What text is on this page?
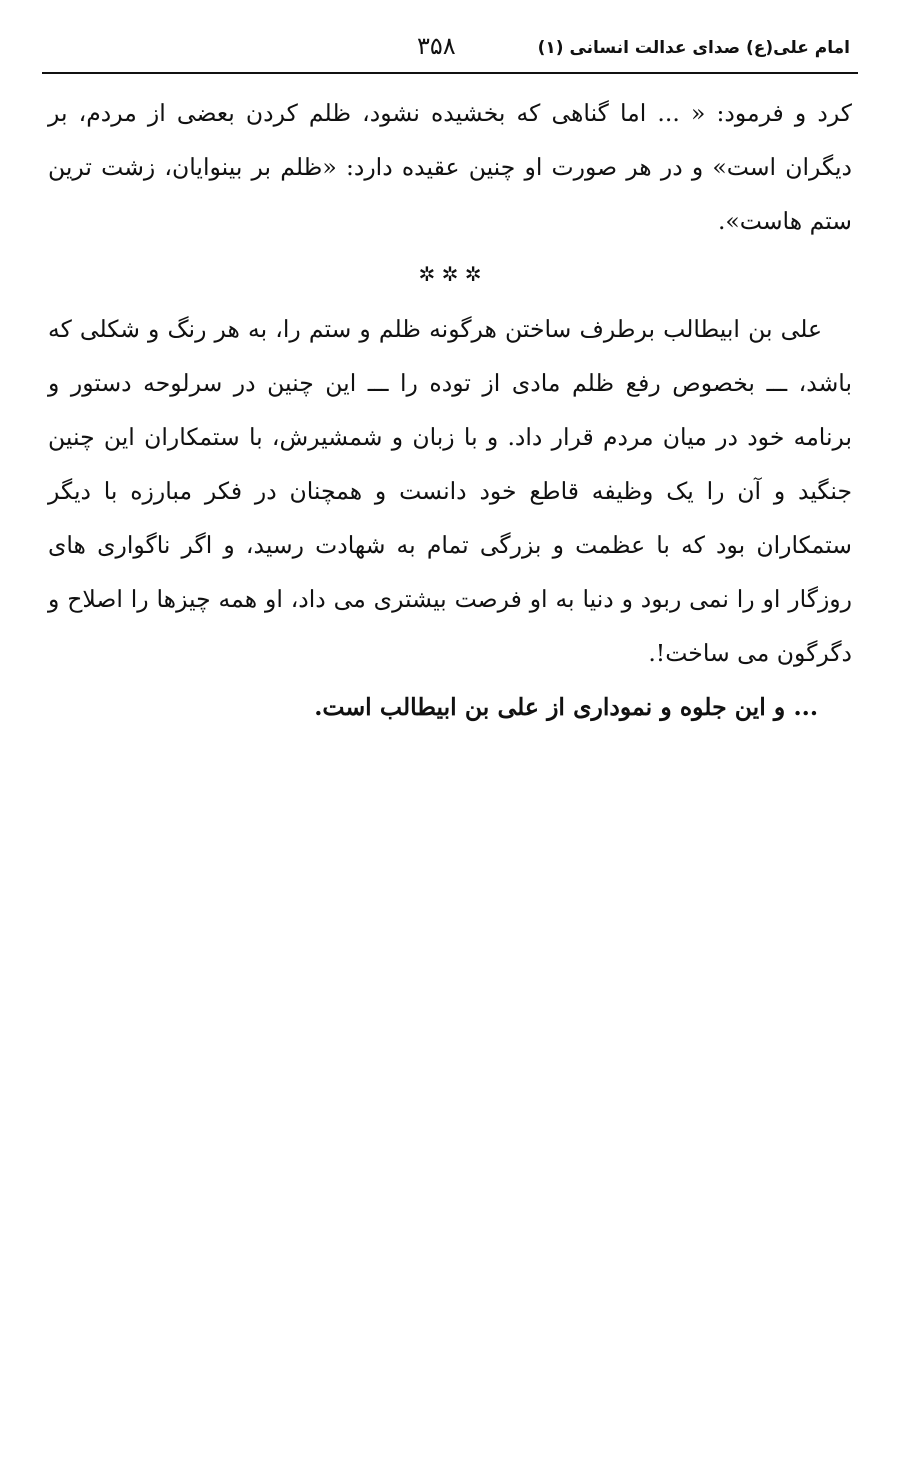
امام علی(ع) صدای عدالت انسانی (۱)
۳۵۸

کرد و فرمود: « ... اما گناهی که بخشیده نشود، ظلم کردن بعضی از مردم، بر دیگران است» و در هر صورت او چنین عقیده دارد: «ظلم بر بینوایان، زشت ترین ستم هاست».

✲ ✲ ✲

علی بن ابیطالب برطرف ساختن هرگونه ظلم و ستم را، به هر رنگ و شکلی که باشد، ـــ بخصوص رفع ظلم مادی از توده را ـــ این چنین در سرلوحه دستور و برنامه خود در میان مردم قرار داد. و با زبان و شمشیرش، با ستمکاران این چنین جنگید و آن را یک وظیفه قاطع خود دانست و همچنان در فکر مبارزه با دیگر ستمکاران بود که با عظمت و بزرگی تمام به شهادت رسید، و اگر ناگواری های روزگار او را نمی ربود و دنیا به او فرصت بیشتری می داد، او همه چیزها را اصلاح و دگرگون می ساخت!.

... و این جلوه و نموداری از علی بن ابیطالب است.
